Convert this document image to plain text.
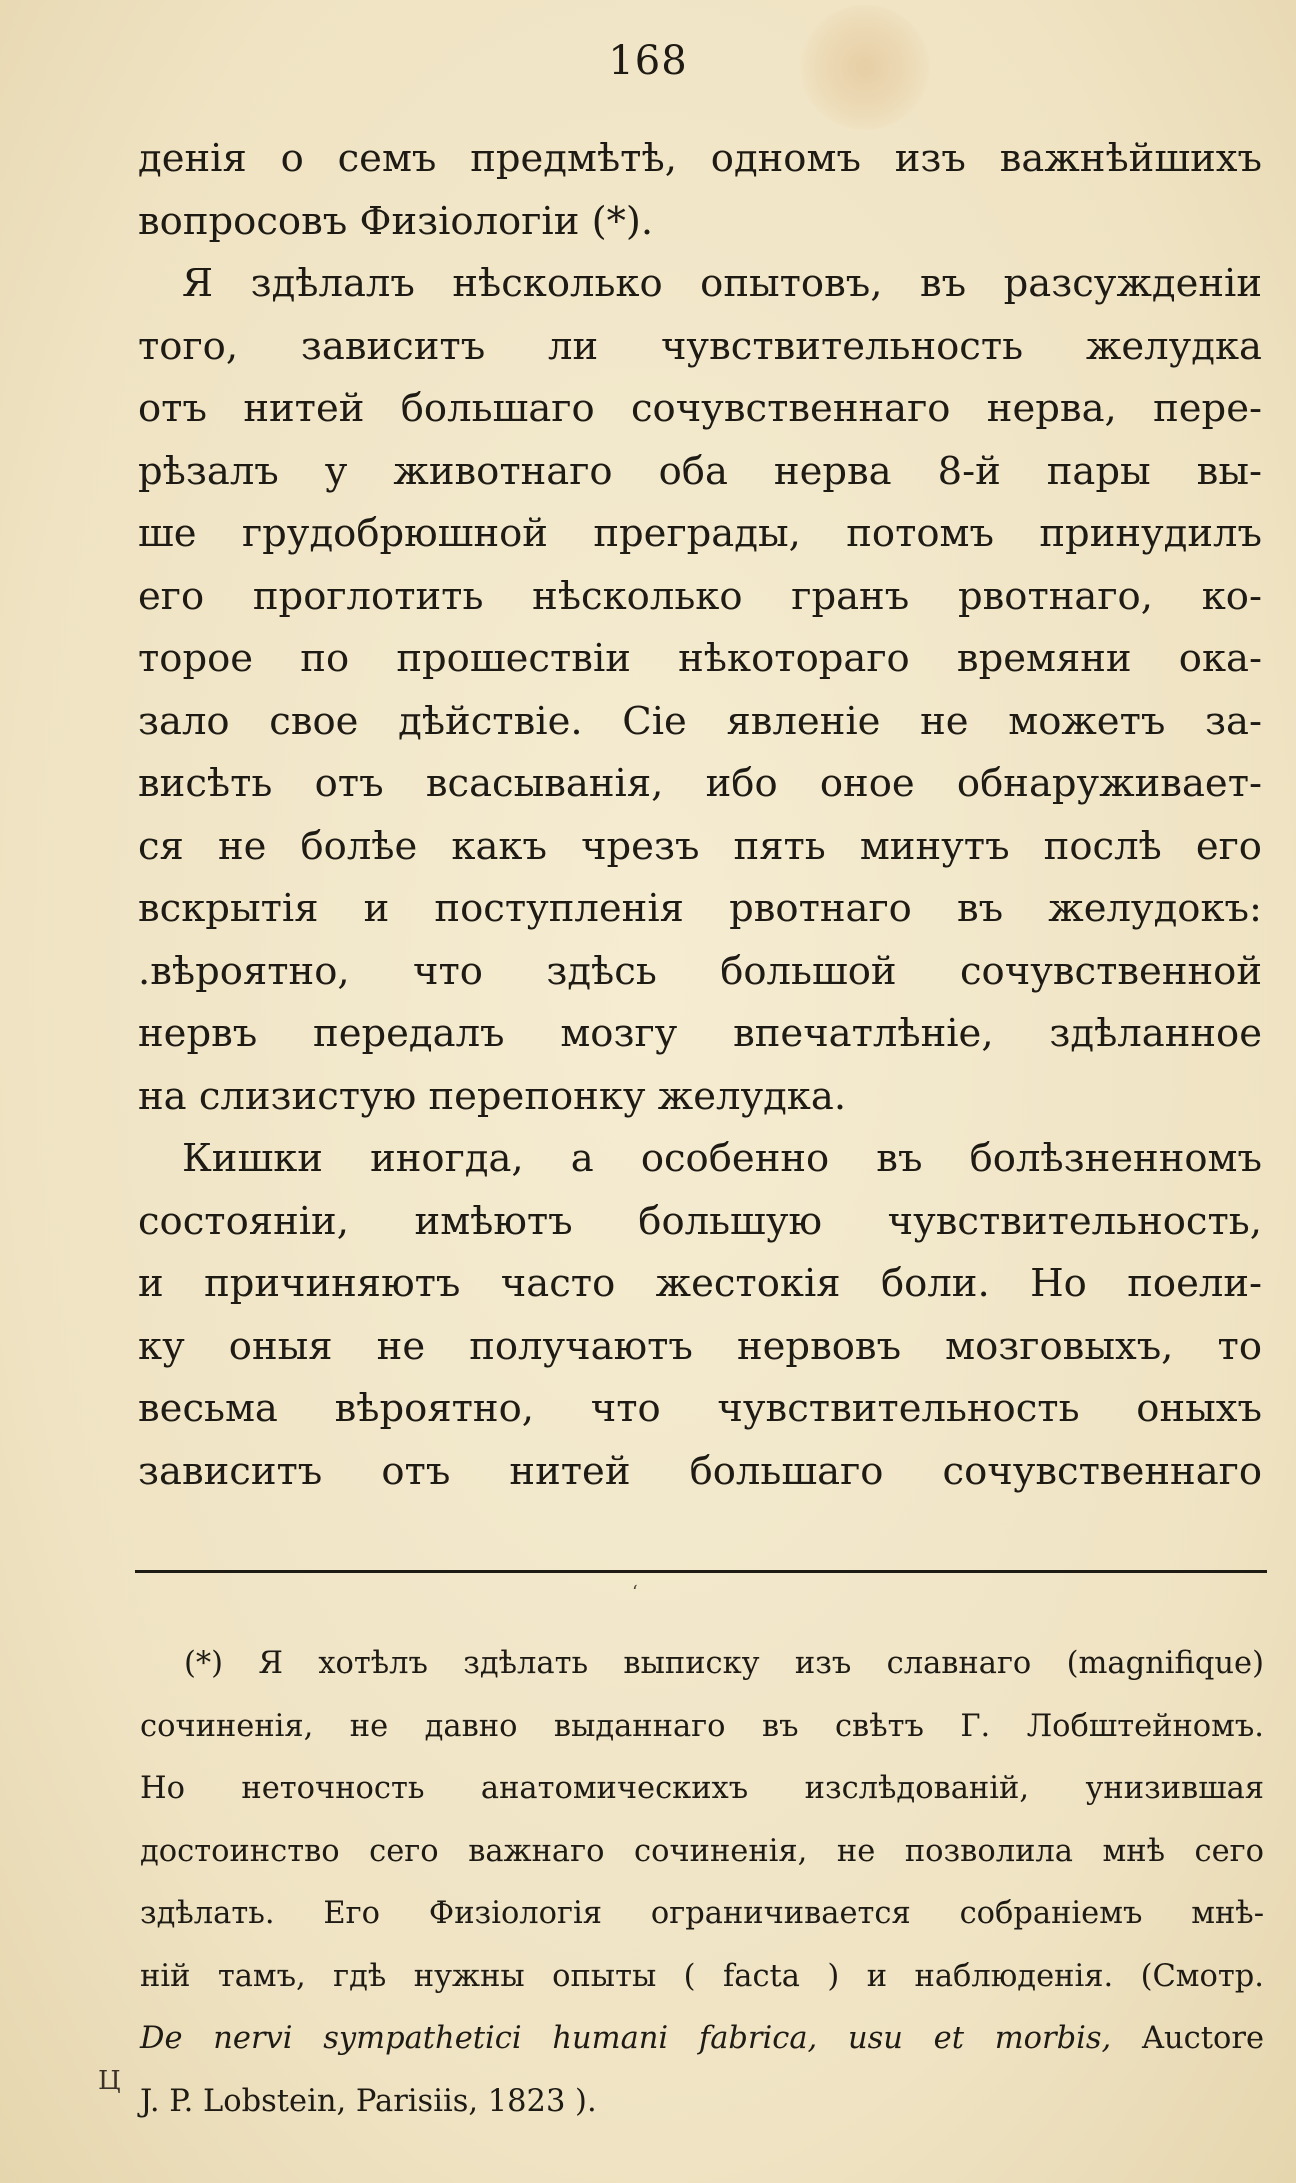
168
денія о семъ предмѣтѣ, одномъ изъ важнѣйшихъ
вопросовъ Физіологіи (*).
Я здѣлалъ нѣсколько опытовъ, въ разсужденіи
того, зависитъ ли чувствительность желудка
отъ нитей большаго сочувственнаго нерва, пере-
рѣзалъ у животнаго оба нерва 8-й пары вы-
ше грудобрюшной преграды, потомъ принудилъ
его проглотить нѣсколько гранъ рвотнаго, ко-
торое по прошествіи нѣкотораго времяни ока-
зало свое дѣйствіе. Сіе явленіе не можетъ за-
висѣть отъ всасыванія, ибо оное обнаруживает-
ся не болѣе какъ чрезъ пять минутъ послѣ его
вскрытія и поступленія рвотнаго въ желудокъ:
.вѣроятно, что здѣсь большой сочувственной
нервъ передалъ мозгу впечатлѣніе, здѣланное
на слизистую перепонку желудка.
Кишки иногда, а особенно въ болѣзненномъ
состояніи, имѣютъ большую чувствительность,
и причиняютъ часто жестокія боли. Но поели-
ку оныя не получаютъ нервовъ мозговыхъ, то
весьма вѣроятно, что чувствительность оныхъ
зависитъ отъ нитей большаго сочувственнаго
ʻ
(*) Я хотѣлъ здѣлать выписку изъ славнаго (magnifique)
сочиненія, не давно выданнаго въ свѣтъ Г. Лобштейномъ.
Но неточность анатомическихъ изслѣдованій, унизившая
достоинство сего важнаго сочиненія, не позволила мнѣ сего
здѣлать. Его Физіологія ограничивается собраніемъ мнѣ-
ній тамъ, гдѣ нужны опыты ( facta ) и наблюденія. (Смотр.
De nervi sympathetici humani fabrica, usu et morbis, Auctore
J. P. Lobstein, Parisiis, 1823 ).
Ц
